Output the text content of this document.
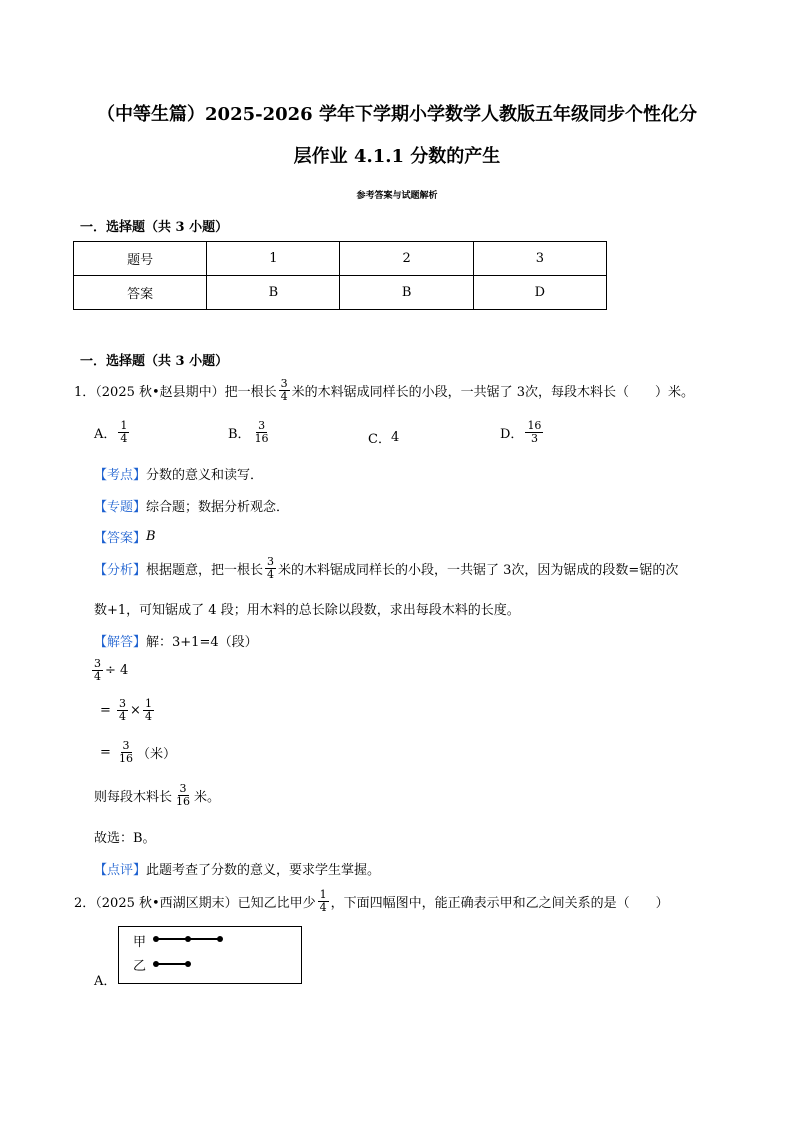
（中等生篇）2025-2026 学年下学期小学数学人教版五年级同步个性化分
层作业 4.1.1 分数的产生
参考答案与试题解析
一．选择题（共 3 小题）
题号	1	2	3
答案	B	B	D
一．选择题（共 3 小题）
1．（2025 秋•赵县期中）把一根长 $\frac{3}{4}$ 米的木料锯成同样长的小段，一共锯了 3次，每段木料长（　　）米。
A． $\frac{1}{4}$	B． $\frac{3}{16}$	C． 4	D． $\frac{16}{3}$
【考点】 分数的意义和读写．
【专题】 综合题；数据分析观念．
【答案】 B
【分析】 根据题意，把一根长 $\frac{3}{4}$ 米的木料锯成同样长的小段，一共锯了 3次，因为锯成的段数=锯的次
数+1，可知锯成了 4 段；用木料的总长除以段数，求出每段木料的长度。
【解答】 解：3+1=4（段）
$\frac{3}{4} \div 4$
=
$\frac{3}{4} \times \frac{1}{4}$
=
$\frac{3}{16}$ （米）
则每段木料长 $\frac{3}{16}$ 米。
故选：B。
【点评】 此题考查了分数的意义，要求学生掌握。
2．（2025 秋•西湖区期末）已知乙比甲少 $\frac{1}{4}$ ，下面四幅图中，能正确表示甲和乙之间关系的是（　　）
甲
乙
A．
